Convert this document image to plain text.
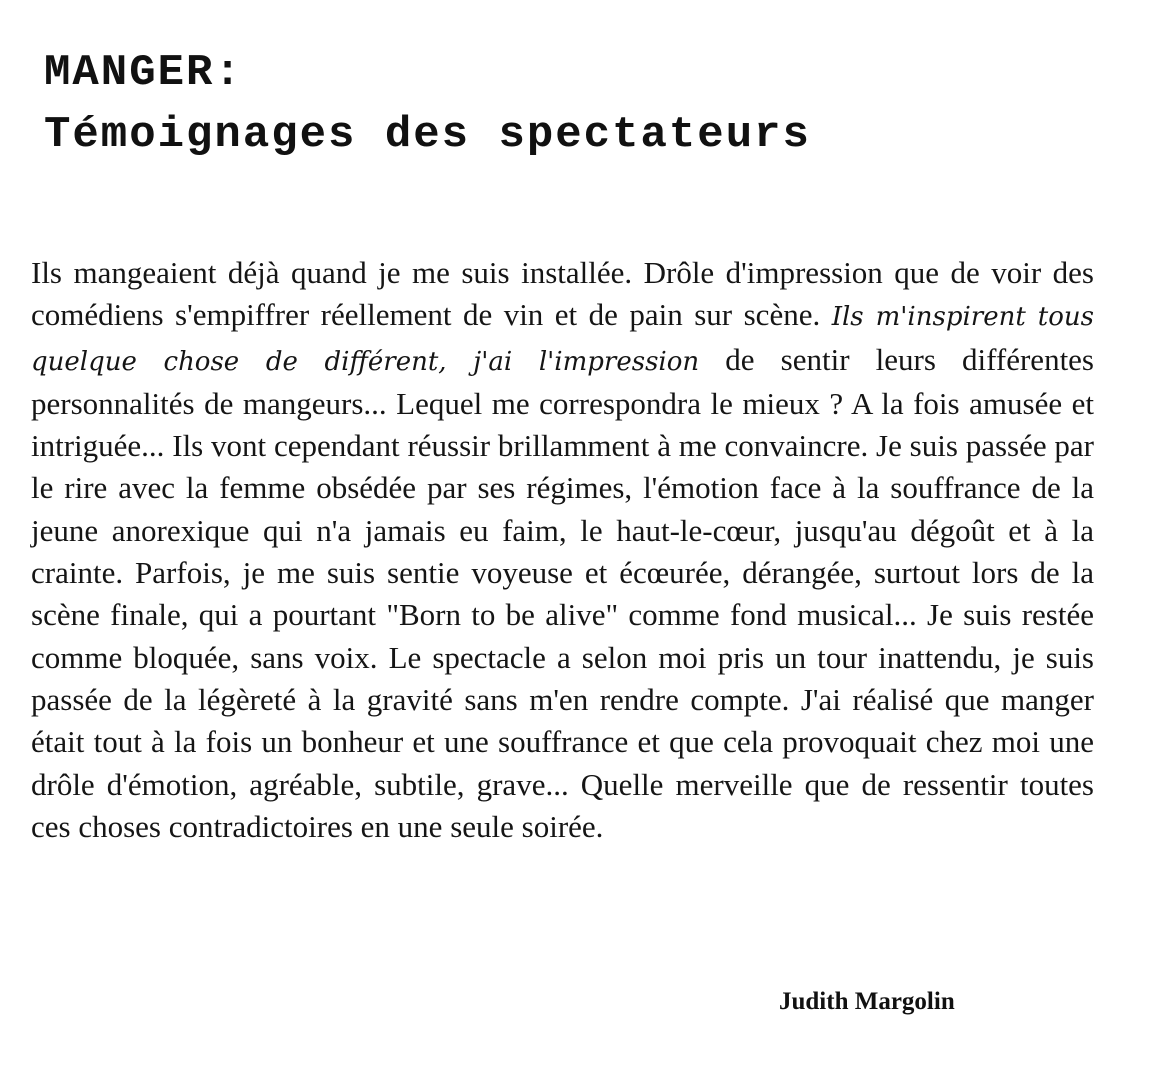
MANGER:
Témoignages des spectateurs

Ils mangeaient déjà quand je me suis installée. Drôle d'impression que de voir des comédiens s'empiffrer réellement de vin et de pain sur scène. Ils m'inspirent tous quelque chose de différent, j'ai l'impression de sentir leurs différentes personnalités de mangeurs... Lequel me correspondra le mieux ? A la fois amusée et intriguée... Ils vont cependant réussir brillamment à me convaincre. Je suis passée par le rire avec la femme obsédée par ses régimes, l'émotion face à la souffrance de la jeune anorexique qui n'a jamais eu faim, le haut-le-cœur, jusqu'au dégoût et à la crainte. Parfois, je me suis sentie voyeuse et écœurée, dérangée, surtout lors de la scène finale, qui a pourtant "Born to be alive" comme fond musical... Je suis restée comme bloquée, sans voix. Le spectacle a selon moi pris un tour inattendu, je suis passée de la légèreté à la gravité sans m'en rendre compte. J'ai réalisé que manger était tout à la fois un bonheur et une souffrance et que cela provoquait chez moi une drôle d'émotion, agréable, subtile, grave... Quelle merveille que de ressentir toutes ces choses contradictoires en une seule soirée.

Judith Margolin
